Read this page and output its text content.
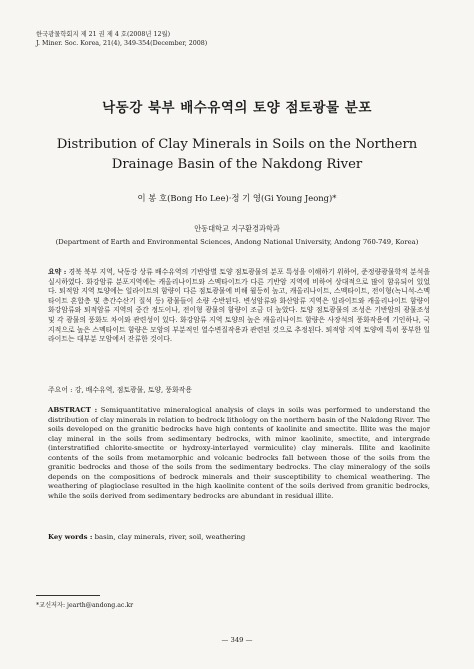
한국광물학회지 제 21 권 제 4 호(2008년 12월)
J. Miner. Soc. Korea, 21(4), 349-354(December, 2008)
낙동강 북부 배수유역의 토양 점토광물 분포
Distribution of Clay Minerals in Soils on the Northern Drainage Basin of the Nakdong River
이 봉 호(Bong Ho Lee)·정 기 영(Gi Young Jeong)*
안동대학교 지구환경과학과
(Department of Earth and Environmental Sciences, Andong National University, Andong 760-749, Korea)
요약 : 경북 북부 지역, 낙동강 상류 배수유역의 기반암별 토양 점토광물의 분포 특성을 이해하기 위하여, 준정량광물학적 분석을 실시하였다. 화강암류 분포지역에는 캐올리나이트와 스멕타이트가 다른 기반암 지역에 비하여 상대적으로 많이 함유되어 있었다. 퇴적암 지역 토양에는 일라이트의 함량이 다른 점토광물에 비해 월등히 높고, 캐올리나이트, 스멕타이트, 전이형(녹니석-스멕타이트 혼합층 및 층간수산기 질석 등) 광물들이 소량 수반된다. 변성암류와 화산암류 지역은 일라이트와 캐올리나이트 함량이 화강암류와 퇴적암류 지역의 중간 정도이나, 전이형 광물의 함량이 조금 더 높았다. 토양 점토광물의 조성은 기반암의 광물조성 및 각 광물의 풍화도 차이와 관련성이 있다. 화강암류 지역 토양의 높은 캐올리나이트 함량은 사장석의 풍화작용에 기인하나, 국지적으로 높은 스멕타이트 함량은 모암의 부분적인 열수변질작용과 관련된 것으로 추정된다. 퇴적암 지역 토양에 특히 풍부한 일라이트는 대부분 모암에서 잔류한 것이다.
주요어 : 강, 배수유역, 점토광물, 토양, 풍화작용
ABSTRACT : Semiquantitative mineralogical analysis of clays in soils was performed to understand the distribution of clay minerals in relation to bedrock lithology on the northern basin of the Nakdong River. The soils developed on the granitic bedrocks have high contents of kaolinite and smectite. Illite was the major clay mineral in the soils from sedimentary bedrocks, with minor kaolinite, smectite, and intergrade (interstratified chlorite-smectite or hydroxy-interlayed vermiculite) clay minerals. Illite and kaolinite contents of the soils from metamorphic and volcanic bedrocks fall between those of the soils from the granitic bedrocks and those of the soils from the sedimentary bedrocks. The clay mineralogy of the soils depends on the compositions of bedrock minerals and their susceptibility to chemical weathering. The weathering of plagioclase resulted in the high kaolinite content of the soils derived from granitic bedrocks, while the soils derived from sedimentary bedrocks are abundant in residual illite.
Key words : basin, clay minerals, river, soil, weathering
*교신저자: jearth@andong.ac.kr
— 349 —
